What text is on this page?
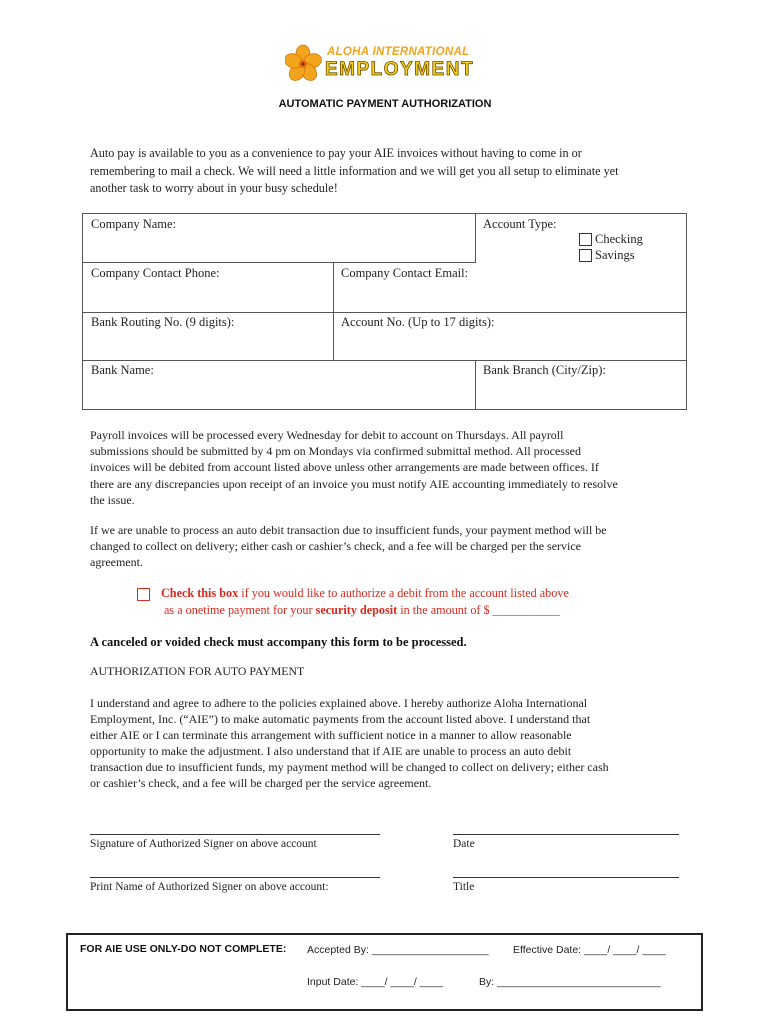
ALOHA INTERNATIONAL
EMPLOYMENT
AUTOMATIC PAYMENT AUTHORIZATION
Auto pay is available to you as a convenience to pay your AIE invoices without having to come in or
remembering to mail a check. We will need a little information and we will get you all setup to eliminate yet
another task to worry about in your busy schedule!
Company Name:	Account Type:
Checking
Savings
Company Contact Phone:	Company Contact Email:
Bank Routing No. (9 digits):	Account No. (Up to 17 digits):
Bank Name:	Bank Branch (City/Zip):
Payroll invoices will be processed every Wednesday for debit to account on Thursdays. All payroll
submissions should be submitted by 4 pm on Mondays via confirmed submittal method. All processed
invoices will be debited from account listed above unless other arrangements are made between offices. If
there are any discrepancies upon receipt of an invoice you must notify AIE accounting immediately to resolve
the issue.
If we are unable to process an auto debit transaction due to insufficient funds, your payment method will be
changed to collect on delivery; either cash or cashier’s check, and a fee will be charged per the service
agreement.
Check this box if you would like to authorize a debit from the account listed above
as a onetime payment for your security deposit in the amount of $ ___________
A canceled or voided check must accompany this form to be processed.
AUTHORIZATION FOR AUTO PAYMENT
I understand and agree to adhere to the policies explained above. I hereby authorize Aloha International
Employment, Inc. (“AIE”) to make automatic payments from the account listed above. I understand that
either AIE or I can terminate this arrangement with sufficient notice in a manner to allow reasonable
opportunity to make the adjustment. I also understand that if AIE are unable to process an auto debit
transaction due to insufficient funds, my payment method will be changed to collect on delivery; either cash
or cashier’s check, and a fee will be charged per the service agreement.
Signature of Authorized Signer on above account	Date
Print Name of Authorized Signer on above account:	Title
FOR AIE USE ONLY-DO NOT COMPLETE: Accepted By: ____________________ Effective Date: ____/ ____/ ____
Input Date: ____/ ____/ ____	By: ____________________________
